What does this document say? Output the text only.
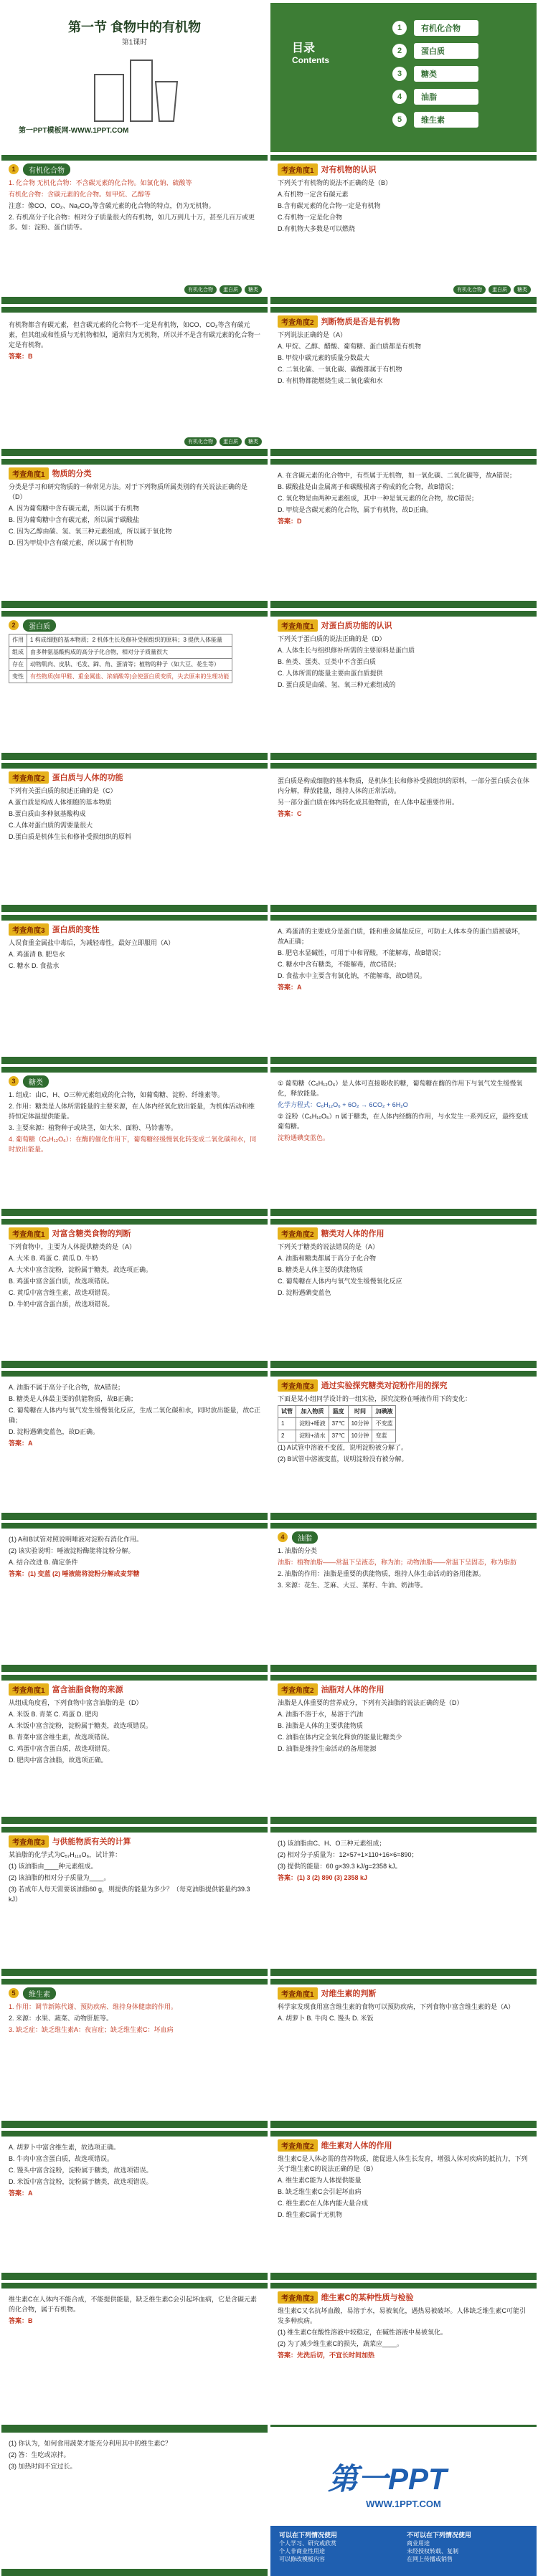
第一节 食物中的有机物
第1课时
第一PPT模板网-WWW.1PPT.COM
目录
Contents
1	有机化合物
2	蛋白质
3	糖类
4	油脂
5	维生素
1	有机化合物

1. 化合物 无机化合物：不含碳元素的化合物。如氯化钠、硫酸等

有机化合物：含碳元素的化合物。如甲烷、乙醇等

注意：像CO、CO₂、Na₂CO₃等含碳元素的化合物的特点，仍为无机物。

2. 有机高分子化合物：相对分子质量很大的有机物，如几万到几十万，甚至几百万或更多。如：淀粉、蛋白质等。

有机化合物	蛋白质	糖类
考查角度1 对有机物的认识

下列关于有机物的说法不正确的是（B）

A.有机物一定含有碳元素

B.含有碳元素的化合物一定是有机物

C.有机物一定是化合物

D.有机物大多数是可以燃烧

有机化合物	蛋白质	糖类

有机物都含有碳元素，但含碳元素的化合物不一定是有机物，如CO、CO₂等含有碳元素，但其组成和性质与无机物相似，通常归为无机物，所以并不是含有碳元素的化合物一定是有机物。

答案：B

有机化合物	蛋白质	糖类
考查角度2 判断物质是否是有机物

下列说法正确的是（A）

A. 甲烷、乙醇、醋酸、葡萄糖、蛋白质都是有机物

B. 甲烷中碳元素的质量分数最大

C. 二氧化碳、一氧化碳、碳酸都属于有机物

D. 有机物都能燃烧生成二氧化碳和水

考查角度1 物质的分类

分类是学习和研究物质的一种常见方法。对于下列物质所属类别的有关说法正确的是（D）

A. 因为葡萄糖中含有碳元素，所以属于有机物

B. 因为葡萄糖中含有碳元素，所以属于碳酸盐

C. 因为乙醇由碳、氢、氧三种元素组成，所以属于氧化物

D. 因为甲烷中含有碳元素，所以属于有机物

A. 在含碳元素的化合物中，有些属于无机物，如一氧化碳、二氧化碳等，故A错误；

B. 碳酸盐是由金属离子和碳酸根离子构成的化合物，故B错误；

C. 氧化物是由两种元素组成，其中一种是氧元素的化合物，故C错误；

D. 甲烷是含碳元素的化合物，属于有机物，故D正确。

答案：D

2	蛋白质
作用	1 构成细胞的基本物质；2 机体生长及修补受损组织的原料；3 提供人体能量
组成	由多种氨基酸构成的高分子化合物，相对分子质量很大
存在	动物肌肉、皮肤、毛发、蹄、角、蛋清等；植物的种子（如大豆、花生等）
变性	有些物质(如甲醛、重金属盐、浓硝酸等)会使蛋白质变质，失去原来的生理功能
考查角度1 对蛋白质功能的认识

下列关于蛋白质的说法正确的是（D）

A. 人体生长与组织修补所需的主要原料是蛋白质

B. 鱼类、蛋类、豆类中不含蛋白质

C. 人体所需的能量主要由蛋白质提供

D. 蛋白质是由碳、氢、氧三种元素组成的

考查角度2 蛋白质与人体的功能

下列有关蛋白质的叙述正确的是（C）

A.蛋白质是构成人体细胞的基本物质

B.蛋白质由多种氨基酸构成

C.人体对蛋白质的需要量很大

D.蛋白质是机体生长和修补受损组织的原料

蛋白质是构成细胞的基本物质，是机体生长和修补受损组织的原料，一部分蛋白质会在体内分解，释放能量，维持人体的正常活动。

另一部分蛋白质在体内转化成其他物质，在人体中起重要作用。

答案：C

考查角度3 蛋白质的变性

人误食重金属盐中毒后，为减轻毒性，最好立即服用（A）

A. 鸡蛋清 B. 肥皂水

C. 糖水 D. 食盐水

A. 鸡蛋清的主要成分是蛋白质，能和重金属盐反应，可防止人体本身的蛋白质被破坏，故A正确；

B. 肥皂水显碱性，可用于中和胃酸，不能解毒，故B错误；

C. 糖水中含有糖类，不能解毒，故C错误；

D. 食盐水中主要含有氯化钠，不能解毒，故D错误。

答案：A

3	糖类

1. 组成：由C、H、O三种元素组成的化合物，如葡萄糖、淀粉、纤维素等。

2. 作用：糖类是人体所需能量的主要来源，在人体内经氧化放出能量，为机体活动和维持恒定体温提供能量。

3. 主要来源：植物种子或块茎，如大米、面粉、马铃薯等。

4. 葡萄糖（C₆H₁₂O₆）：在酶的催化作用下，葡萄糖经缓慢氧化转变成二氧化碳和水，同时放出能量。

① 葡萄糖（C₆H₁₂O₆）是人体可直接吸收的糖，葡萄糖在酶的作用下与氧气发生缓慢氧化，释放能量。

化学方程式：C₆H₁₂O₆ + 6O₂ → 6CO₂ + 6H₂O

② 淀粉（C₆H₁₀O₅）n 属于糖类，在人体内经酶的作用，与水发生一系列反应，最终变成葡萄糖。

淀粉遇碘变蓝色。

考查角度1 对富含糖类食物的判断

下列食物中，主要为人体提供糖类的是（A）

A. 大米 B. 鸡蛋 C. 黄瓜 D. 牛奶

A. 大米中富含淀粉，淀粉属于糖类，故选项正确。

B. 鸡蛋中富含蛋白质，故选项错误。

C. 黄瓜中富含维生素，故选项错误。

D. 牛奶中富含蛋白质，故选项错误。

考查角度2 糖类对人体的作用

下列关于糖类的说法错误的是（A）

A. 油脂和糖类都属于高分子化合物

B. 糖类是人体主要的供能物质

C. 葡萄糖在人体内与氧气发生缓慢氧化反应

D. 淀粉遇碘变蓝色

A. 油脂不属于高分子化合物，故A错误；

B. 糖类是人体最主要的供能物质，故B正确；

C. 葡萄糖在人体内与氧气发生缓慢氧化反应，生成二氧化碳和水，同时放出能量，故C正确；

D. 淀粉遇碘变蓝色，故D正确。

答案：A

考查角度3 通过实验探究糖类对淀粉作用的探究

下面是某小组同学设计的一组实验，探究淀粉在唾液作用下的变化：

试管	加入物质	温度	时间	加碘液
1	淀粉+唾液	37℃	10分钟	不变蓝
2	淀粉+清水	37℃	10分钟	变蓝

(1) A试管中溶液不变蓝，说明淀粉被分解了。

(2) B试管中溶液变蓝，说明淀粉没有被分解。

(1) A和B试管对照说明唾液对淀粉有消化作用。

(2) 该实验说明：唾液淀粉酶能将淀粉分解。

A. 结合改进 B. 确定条件

答案：(1) 变蓝 (2) 唾液能将淀粉分解成麦芽糖

4	油脂

1. 油脂的分类

油脂：植物油脂——常温下呈液态，称为油；动物油脂——常温下呈固态，称为脂肪

2. 油脂的作用：油脂是重要的供能物质，维持人体生命活动的备用能源。

3. 来源：花生、芝麻、大豆、菜籽、牛油、奶油等。

考查角度1 富含油脂食物的来源

从组成角度看，下列食物中富含油脂的是（D）

A. 米饭 B. 青菜 C. 鸡蛋 D. 肥肉

A. 米饭中富含淀粉，淀粉属于糖类，故选项错误。

B. 青菜中富含维生素，故选项错误。

C. 鸡蛋中富含蛋白质，故选项错误。

D. 肥肉中富含油脂，故选项正确。

考查角度2 油脂对人体的作用

油脂是人体重要的营养成分，下列有关油脂的说法正确的是（D）

A. 油脂不溶于水，易溶于汽油

B. 油脂是人体的主要供能物质

C. 油脂在体内完全氧化释放的能量比糖类少

D. 油脂是维持生命活动的备用能源

考查角度3 与供能物质有关的计算

某油脂的化学式为C₅₇H₁₁₀O₆，试计算：

(1) 该油脂由____种元素组成。

(2) 该油脂的相对分子质量为____。

(3) 若成年人每天需要该油脂60 g，则提供的能量为多少？（每克油脂提供能量约39.3 kJ）

(1) 该油脂由C、H、O三种元素组成；

(2) 相对分子质量为：12×57+1×110+16×6=890；

(3) 提供的能量：60 g×39.3 kJ/g=2358 kJ。

答案：(1) 3 (2) 890 (3) 2358 kJ

5	维生素

1. 作用：调节新陈代谢、预防疾病、维持身体健康的作用。

2. 来源：水果、蔬菜、动物肝脏等。

3. 缺乏症：缺乏维生素A：夜盲症；缺乏维生素C：坏血病

考查角度1 对维生素的判断

科学家发现食用富含维生素的食物可以预防疾病，下列食物中富含维生素的是（A）

A. 胡萝卜 B. 牛肉 C. 馒头 D. 米饭

A. 胡萝卜中富含维生素，故选项正确。

B. 牛肉中富含蛋白质，故选项错误。

C. 馒头中富含淀粉，淀粉属于糖类，故选项错误。

D. 米饭中富含淀粉，淀粉属于糖类，故选项错误。

答案：A

考查角度2 维生素对人体的作用

维生素C是人体必需的营养物质，能促进人体生长发育，增强人体对疾病的抵抗力，下列关于维生素C的说法正确的是（B）

A. 维生素C能为人体提供能量

B. 缺乏维生素C会引起坏血病

C. 维生素C在人体内能大量合成

D. 维生素C属于无机物

维生素C在人体内不能合成，不能提供能量，缺乏维生素C会引起坏血病，它是含碳元素的化合物，属于有机物。

答案：B

考查角度3 维生素C的某种性质与检验

维生素C又名抗坏血酸，易溶于水，易被氧化，遇热易被破坏。人体缺乏维生素C可能引发多种疾病。

(1) 维生素C在酸性溶液中较稳定，在碱性溶液中易被氧化。

(2) 为了减少维生素C的损失，蔬菜应____。

答案：先洗后切，不宜长时间加热

(1) 你认为，如何食用蔬菜才能充分利用其中的维生素C？

(2) 答：生吃或凉拌。

(3) 加热时间不宜过长。	第一PPT
WWW.1PPT.COM
可以在下列情况使用
个人学习、研究或欣赏
个人非商业性用途
可以修改模板内容
不可以在下列情况使用
商业用途
未经授权转载、复制
在网上传播或销售
